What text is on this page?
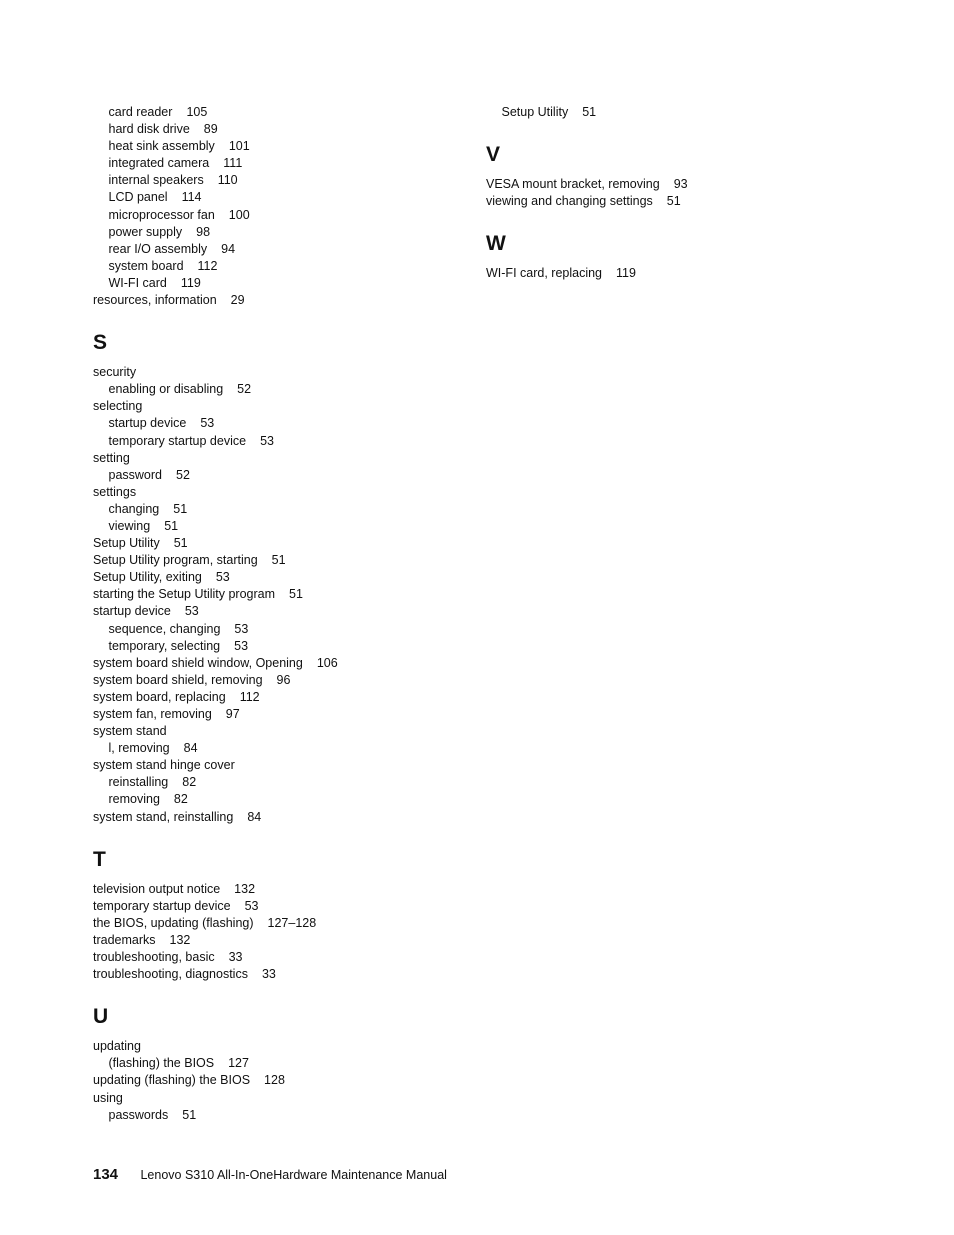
card reader 105
hard disk drive 89
heat sink assembly 101
integrated camera 111
internal speakers 110
LCD panel 114
microprocessor fan 100
power supply 98
rear I/O assembly 94
system board 112
WI-FI card 119
resources, information 29
S
security
enabling or disabling 52
selecting
startup device 53
temporary startup device 53
setting
password 52
settings
changing 51
viewing 51
Setup Utility 51
Setup Utility program, starting 51
Setup Utility, exiting 53
starting the Setup Utility program 51
startup device 53
sequence, changing 53
temporary, selecting 53
system board shield window, Opening 106
system board shield, removing 96
system board, replacing 112
system fan, removing 97
system stand
l, removing 84
system stand hinge cover
reinstalling 82
removing 82
system stand, reinstalling 84
T
television output notice 132
temporary startup device 53
the BIOS, updating (flashing) 127–128
trademarks 132
troubleshooting, basic 33
troubleshooting, diagnostics 33
U
updating
(flashing) the BIOS 127
updating (flashing) the BIOS 128
using
passwords 51
Setup Utility 51
V
VESA mount bracket, removing 93
viewing and changing settings 51
W
WI-FI card, replacing 119
134 Lenovo S310 All-In-OneHardware Maintenance Manual
